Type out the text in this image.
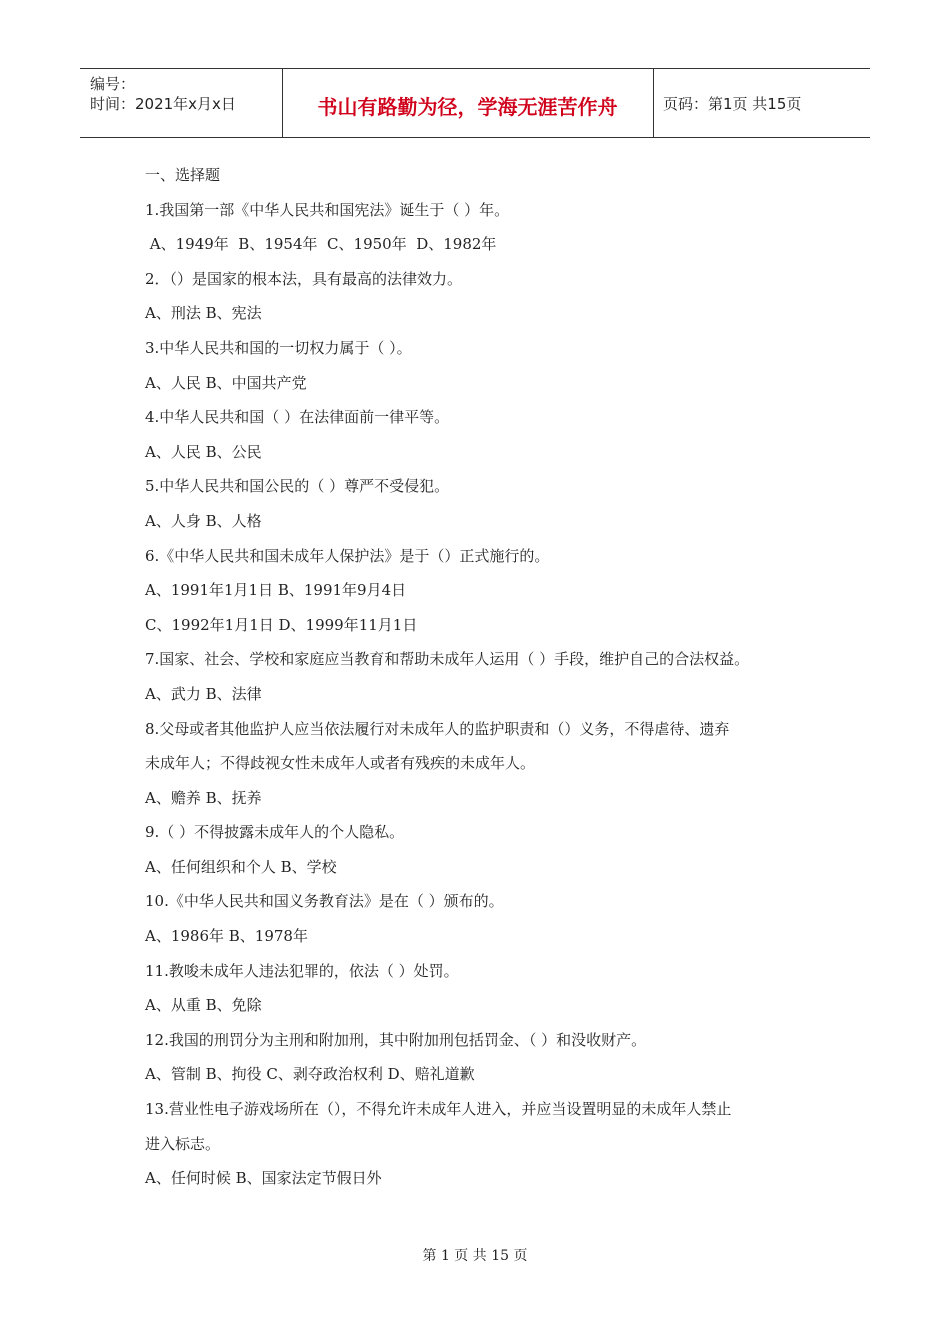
编号：
时间：2021年x月x日	书山有路勤为径，学海无涯苦作舟	页码：第1页 共15页
一、选择题
1.我国第一部《中华人民共和国宪法》诞生于（ ）年。
A、1949年  B、1954年  C、1950年  D、1982年
2．（）是国家的根本法，具有最高的法律效力。
A、刑法 B、宪法
3.中华人民共和国的一切权力属于（ ）。
A、人民 B、中国共产党
4.中华人民共和国（ ）在法律面前一律平等。
A、人民 B、公民
5.中华人民共和国公民的（ ）尊严不受侵犯。
A、人身 B、人格
6.《中华人民共和国未成年人保护法》是于（）正式施行的。
A、1991年1月1日 B、1991年9月4日
C、1992年1月1日 D、1999年11月1日
7.国家、社会、学校和家庭应当教育和帮助未成年人运用（ ）手段，维护自己的合法权益。
A、武力 B、法律
8.父母或者其他监护人应当依法履行对未成年人的监护职责和（）义务，不得虐待、遗弃
未成年人；不得歧视女性未成年人或者有残疾的未成年人。
A、赡养 B、抚养
9.（ ）不得披露未成年人的个人隐私。
A、任何组织和个人 B、学校
10.《中华人民共和国义务教育法》是在（ ）颁布的。
A、1986年 B、1978年
11.教唆未成年人违法犯罪的，依法（ ）处罚。
A、从重 B、免除
12.我国的刑罚分为主刑和附加刑，其中附加刑包括罚金、（ ）和没收财产。
A、管制 B、拘役 C、剥夺政治权利 D、赔礼道歉
13.营业性电子游戏场所在（），不得允许未成年人进入，并应当设置明显的未成年人禁止
进入标志。
A、任何时候 B、国家法定节假日外
第 1 页 共 15 页
